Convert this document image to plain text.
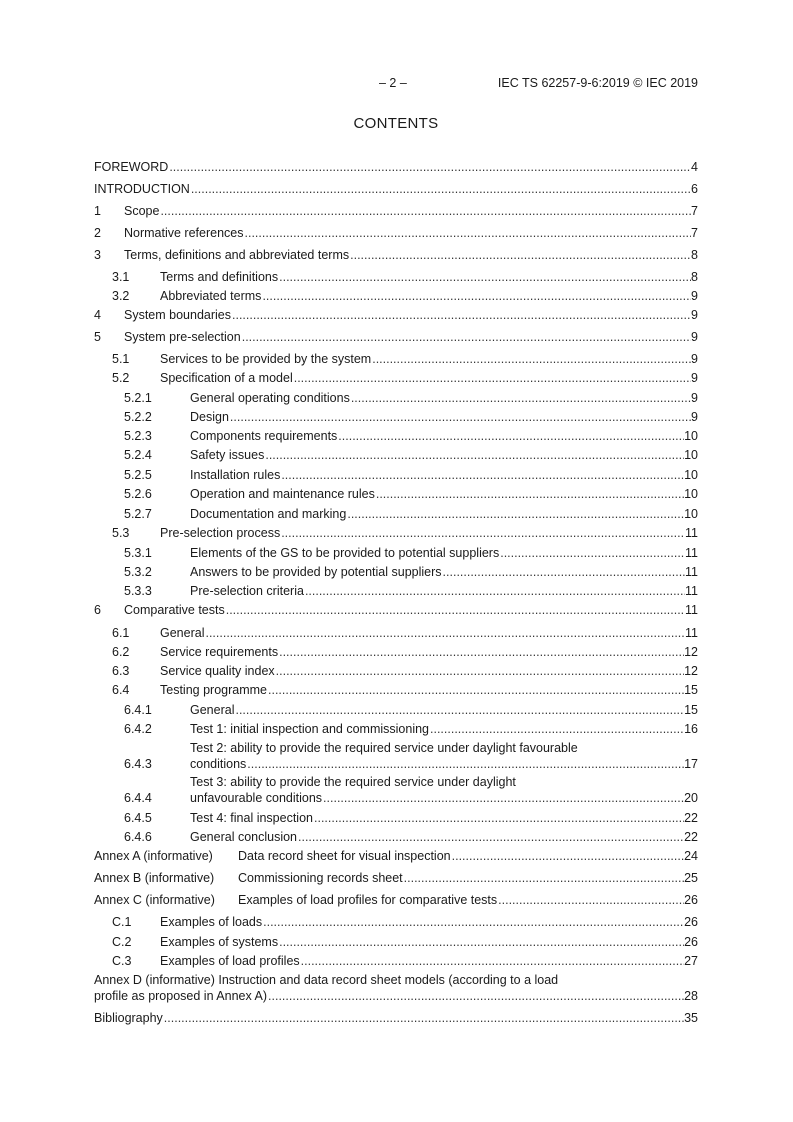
– 2 –	IEC TS 62257-9-6:2019 © IEC 2019
CONTENTS
FOREWORD .....	4
INTRODUCTION .....	6
1 Scope .....	7
2 Normative references .....	7
3 Terms, definitions and abbreviated terms .....	8
3.1 Terms and definitions .....	8
3.2 Abbreviated terms .....	9
4 System boundaries .....	9
5 System pre-selection .....	9
5.1 Services to be provided by the system .....	9
5.2 Specification of a model .....	9
5.2.1	General operating conditions .....	9
5.2.2	Design .....	9
5.2.3	Components requirements .....	10
5.2.4	Safety issues .....	10
5.2.5	Installation rules .....	10
5.2.6	Operation and maintenance rules .....	10
5.2.7	Documentation and marking .....	10
5.3 Pre-selection process .....	11
5.3.1	Elements of the GS to be provided to potential suppliers .....	11
5.3.2	Answers to be provided by potential suppliers .....	11
5.3.3	Pre-selection criteria .....	11
6 Comparative tests .....	11
6.1 General .....	11
6.2 Service requirements .....	12
6.3 Service quality index .....	12
6.4 Testing programme .....	15
6.4.1	General .....	15
6.4.2	Test 1: initial inspection and commissioning .....	16
Test 2: ability to provide the required service under daylight favourable
6.4.3	conditions .....	17
Test 3: ability to provide the required service under daylight
6.4.4	unfavourable conditions .....	20
6.4.5	Test 4: final inspection .....	22
6.4.6	General conclusion .....	22
Annex A (informative) Data record sheet for visual inspection .....	24
Annex B (informative) Commissioning records sheet .....	25
Annex C (informative) Examples of load profiles for comparative tests .....	26
C.1 Examples of loads .....	26
C.2 Examples of systems .....	26
C.3 Examples of load profiles .....	27
Annex D (informative) Instruction and data record sheet models (according to a load
profile as proposed in Annex A) .....	28
Bibliography .....	35
